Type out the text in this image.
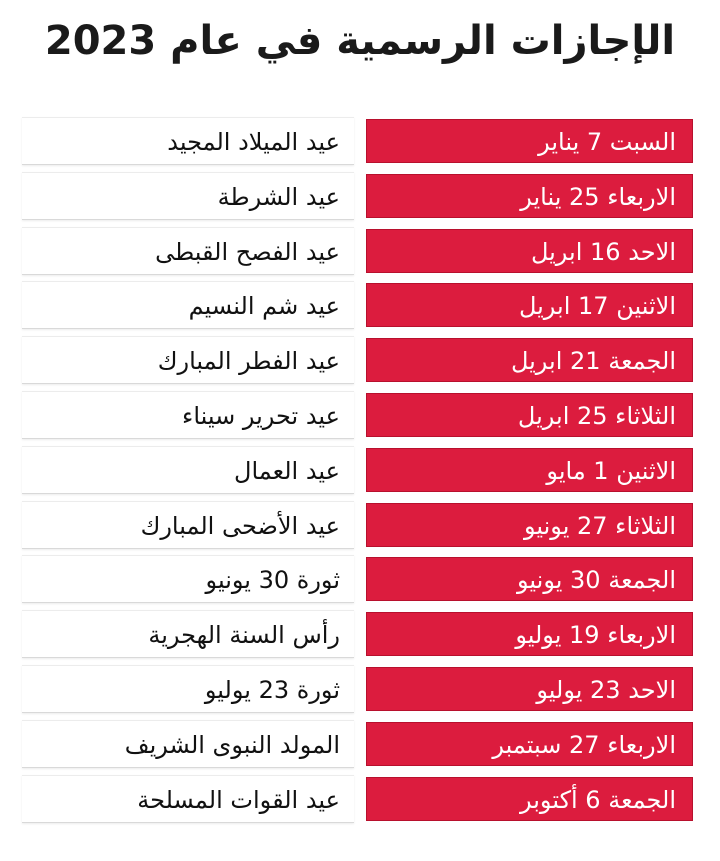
الإجازات الرسمية في عام 2023
عيد الميلاد المجيد	السبت 7 يناير
عيد الشرطة	الاربعاء 25 يناير
عيد الفصح القبطى	الاحد 16 ابريل
عيد شم النسيم	الاثنين 17 ابريل
عيد الفطر المبارك	الجمعة 21 ابريل
عيد تحرير سيناء	الثلاثاء 25 ابريل
عيد العمال	الاثنين 1 مايو
عيد الأضحى المبارك	الثلاثاء 27 يونيو
ثورة 30 يونيو	الجمعة 30 يونيو
رأس السنة الهجرية	الاربعاء 19 يوليو
ثورة 23 يوليو	الاحد 23 يوليو
المولد النبوى الشريف	الاربعاء 27 سبتمبر
عيد القوات المسلحة	الجمعة 6 أكتوبر
